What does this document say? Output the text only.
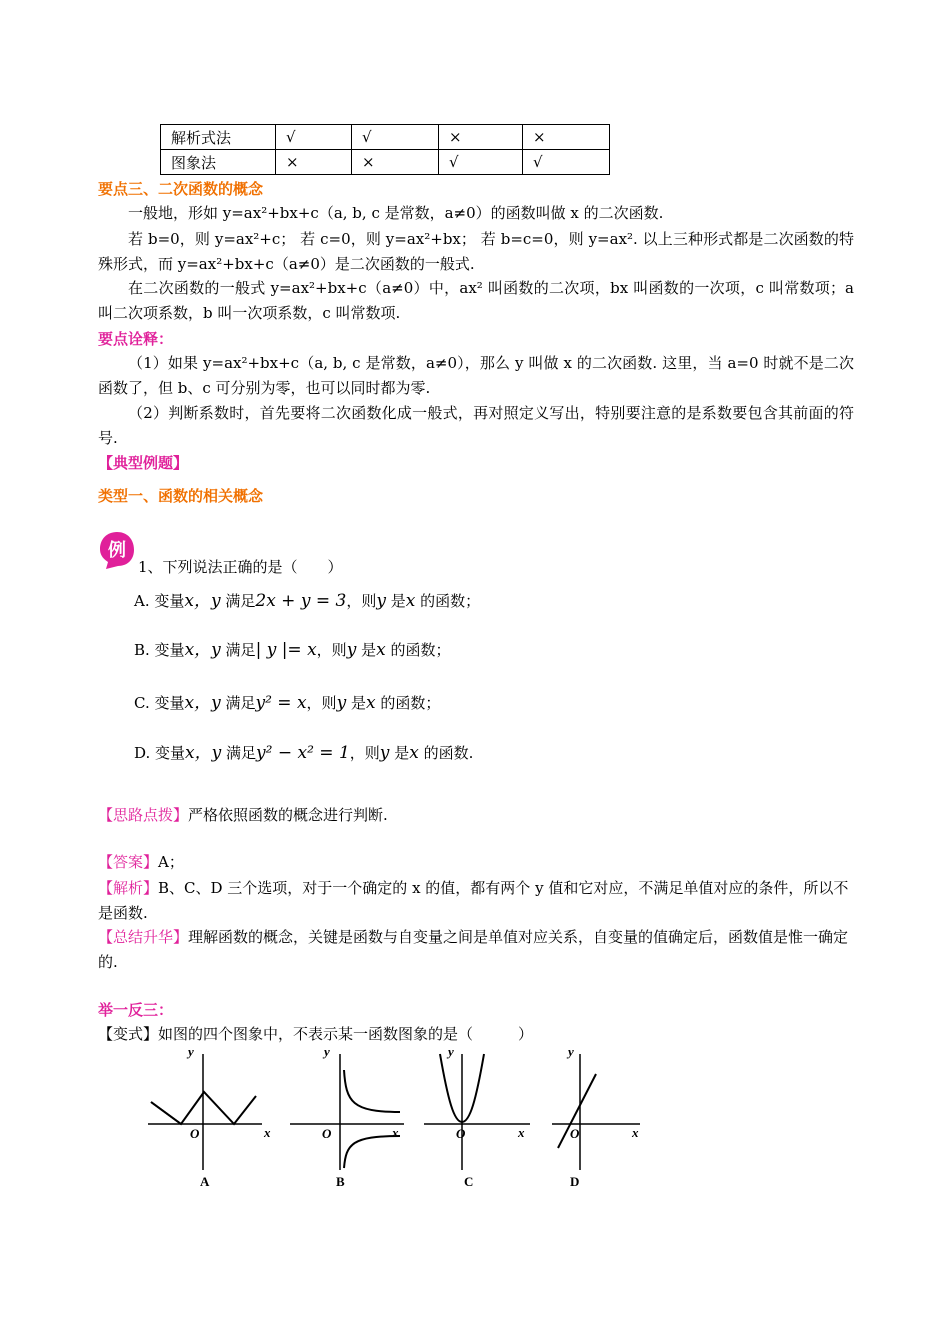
解析式法	√	√	×	×
图象法	×	×	√	√
要点三、二次函数的概念

一般地，形如 y=ax²+bx+c（a, b, c 是常数，a≠0）的函数叫做 x 的二次函数.

若 b=0，则 y=ax²+c； 若 c=0，则 y=ax²+bx； 若 b=c=0，则 y=ax². 以上三种形式都是二次函数的特殊形式，而 y=ax²+bx+c（a≠0）是二次函数的一般式.

在二次函数的一般式 y=ax²+bx+c（a≠0）中，ax² 叫函数的二次项，bx 叫函数的一次项，c 叫常数项；a 叫二次项系数，b 叫一次项系数，c 叫常数项.

要点诠释：

（1）如果 y=ax²+bx+c（a, b, c 是常数，a≠0），那么 y 叫做 x 的二次函数. 这里，当 a=0 时就不是二次函数了，但 b、c 可分别为零，也可以同时都为零.

（2）判断系数时，首先要将二次函数化成一般式，再对照定义写出，特别要注意的是系数要包含其前面的符号.

【典型例题】
类型一、函数的相关概念
例
1、下列说法正确的是（　　）
A. 变量x，y 满足2x + y = 3，则y 是x 的函数；
B. 变量x，y 满足| y |= x，则y 是x 的函数；
C. 变量x，y 满足y² = x，则y 是x 的函数；
D. 变量x，y 满足y² − x² = 1，则y 是x 的函数.
【思路点拨】严格依照函数的概念进行判断.
【答案】A；

【解析】B、C、D 三个选项，对于一个确定的 x 的值，都有两个 y 值和它对应，不满足单值对应的条件，所以不是函数.

【总结升华】理解函数的概念，关键是函数与自变量之间是单值对应关系，自变量的值确定后，函数值是惟一确定的.

举一反三：
【变式】如图的四个图象中，不表示某一函数图象的是（　　　）
y
O	x
A
y
O	x
B
y
O	x
C
y
O	x
D
